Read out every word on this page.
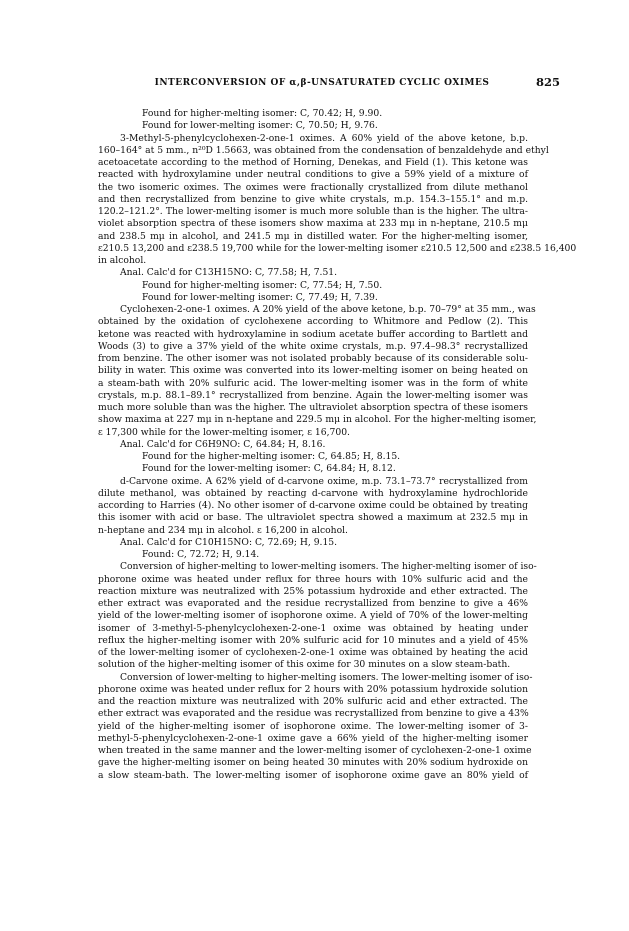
INTERCONVERSION OF α,β-UNSATURATED CYCLIC OXIMES	825
Found for higher-melting isomer: C, 70.42; H, 9.90.
Found for lower-melting isomer: C, 70.50; H, 9.76.
3-Methyl-5-phenylcyclohexen-2-one-1 oximes. A 60% yield of the above ketone, b.p.
160–164° at 5 mm., n²⁰D 1.5663, was obtained from the condensation of benzaldehyde and ethyl
acetoacetate according to the method of Horning, Denekas, and Field (1). This ketone was
reacted with hydroxylamine under neutral conditions to give a 59% yield of a mixture of
the two isomeric oximes. The oximes were fractionally crystallized from dilute methanol
and then recrystallized from benzine to give white crystals, m.p. 154.3–155.1° and m.p.
120.2–121.2°. The lower-melting isomer is much more soluble than is the higher. The ultra-
violet absorption spectra of these isomers show maxima at 233 mμ in n-heptane, 210.5 mμ
and 238.5 mμ in alcohol, and 241.5 mμ in distilled water. For the higher-melting isomer,
ε210.5 13,200 and ε238.5 19,700 while for the lower-melting isomer ε210.5 12,500 and ε238.5 16,400
in alcohol.
Anal. Calc'd for C13H15NO: C, 77.58; H, 7.51.
Found for higher-melting isomer: C, 77.54; H, 7.50.
Found for lower-melting isomer: C, 77.49; H, 7.39.
Cyclohexen-2-one-1 oximes. A 20% yield of the above ketone, b.p. 70–79° at 35 mm., was
obtained by the oxidation of cyclohexene according to Whitmore and Pedlow (2). This
ketone was reacted with hydroxylamine in sodium acetate buffer according to Bartlett and
Woods (3) to give a 37% yield of the white oxime crystals, m.p. 97.4–98.3° recrystallized
from benzine. The other isomer was not isolated probably because of its considerable solu-
bility in water. This oxime was converted into its lower-melting isomer on being heated on
a steam-bath with 20% sulfuric acid. The lower-melting isomer was in the form of white
crystals, m.p. 88.1–89.1° recrystallized from benzine. Again the lower-melting isomer was
much more soluble than was the higher. The ultraviolet absorption spectra of these isomers
show maxima at 227 mμ in n-heptane and 229.5 mμ in alcohol. For the higher-melting isomer,
ε 17,300 while for the lower-melting isomer, ε 16,700.
Anal. Calc'd for C6H9NO: C, 64.84; H, 8.16.
Found for the higher-melting isomer: C, 64.85; H, 8.15.
Found for the lower-melting isomer: C, 64.84; H, 8.12.
d-Carvone oxime. A 62% yield of d-carvone oxime, m.p. 73.1–73.7° recrystallized from
dilute methanol, was obtained by reacting d-carvone with hydroxylamine hydrochloride
according to Harries (4). No other isomer of d-carvone oxime could be obtained by treating
this isomer with acid or base. The ultraviolet spectra showed a maximum at 232.5 mμ in
n-heptane and 234 mμ in alcohol. ε 16,200 in alcohol.
Anal. Calc'd for C10H15NO: C, 72.69; H, 9.15.
Found: C, 72.72; H, 9.14.
Conversion of higher-melting to lower-melting isomers. The higher-melting isomer of iso-
phorone oxime was heated under reflux for three hours with 10% sulfuric acid and the
reaction mixture was neutralized with 25% potassium hydroxide and ether extracted. The
ether extract was evaporated and the residue recrystallized from benzine to give a 46%
yield of the lower-melting isomer of isophorone oxime. A yield of 70% of the lower-melting
isomer of 3-methyl-5-phenylcyclohexen-2-one-1 oxime was obtained by heating under
reflux the higher-melting isomer with 20% sulfuric acid for 10 minutes and a yield of 45%
of the lower-melting isomer of cyclohexen-2-one-1 oxime was obtained by heating the acid
solution of the higher-melting isomer of this oxime for 30 minutes on a slow steam-bath.
Conversion of lower-melting to higher-melting isomers. The lower-melting isomer of iso-
phorone oxime was heated under reflux for 2 hours with 20% potassium hydroxide solution
and the reaction mixture was neutralized with 20% sulfuric acid and ether extracted. The
ether extract was evaporated and the residue was recrystallized from benzine to give a 43%
yield of the higher-melting isomer of isophorone oxime. The lower-melting isomer of 3-
methyl-5-phenylcyclohexen-2-one-1 oxime gave a 66% yield of the higher-melting isomer
when treated in the same manner and the lower-melting isomer of cyclohexen-2-one-1 oxime
gave the higher-melting isomer on being heated 30 minutes with 20% sodium hydroxide on
a slow steam-bath. The lower-melting isomer of isophorone oxime gave an 80% yield of
